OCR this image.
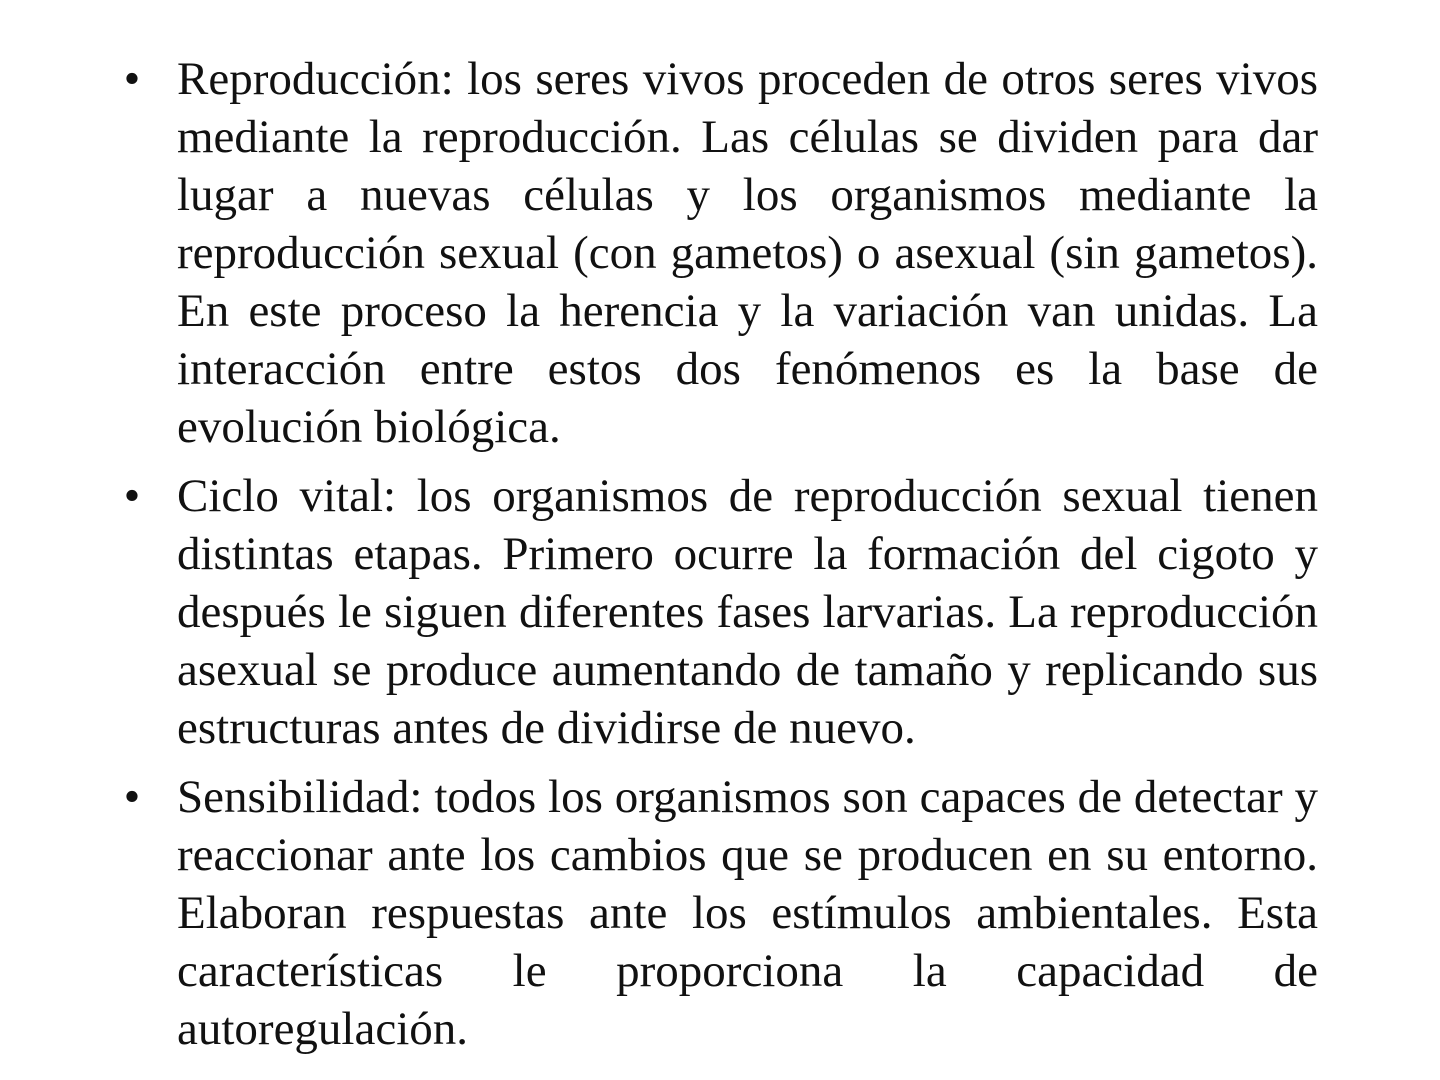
• Reproducción: los seres vivos proceden de otros seres vivos mediante la reproducción. Las células se dividen para dar lugar a nuevas células y los organismos mediante la reproducción sexual (con gametos) o asexual (sin gametos). En este proceso la herencia y la variación van unidas. La interacción entre estos dos fenómenos es la base de evolución biológica.
• Ciclo vital: los organismos de reproducción sexual tienen distintas etapas. Primero ocurre la formación del cigoto y después le siguen diferentes fases larvarias. La reproducción asexual se produce aumentando de tamaño y replicando sus estructuras antes de dividirse de nuevo.
• Sensibilidad: todos los organismos son capaces de detectar y reaccionar ante los cambios que se producen en su entorno. Elaboran respuestas ante los estímulos ambientales. Esta características le proporciona la capacidad de autoregulación.
